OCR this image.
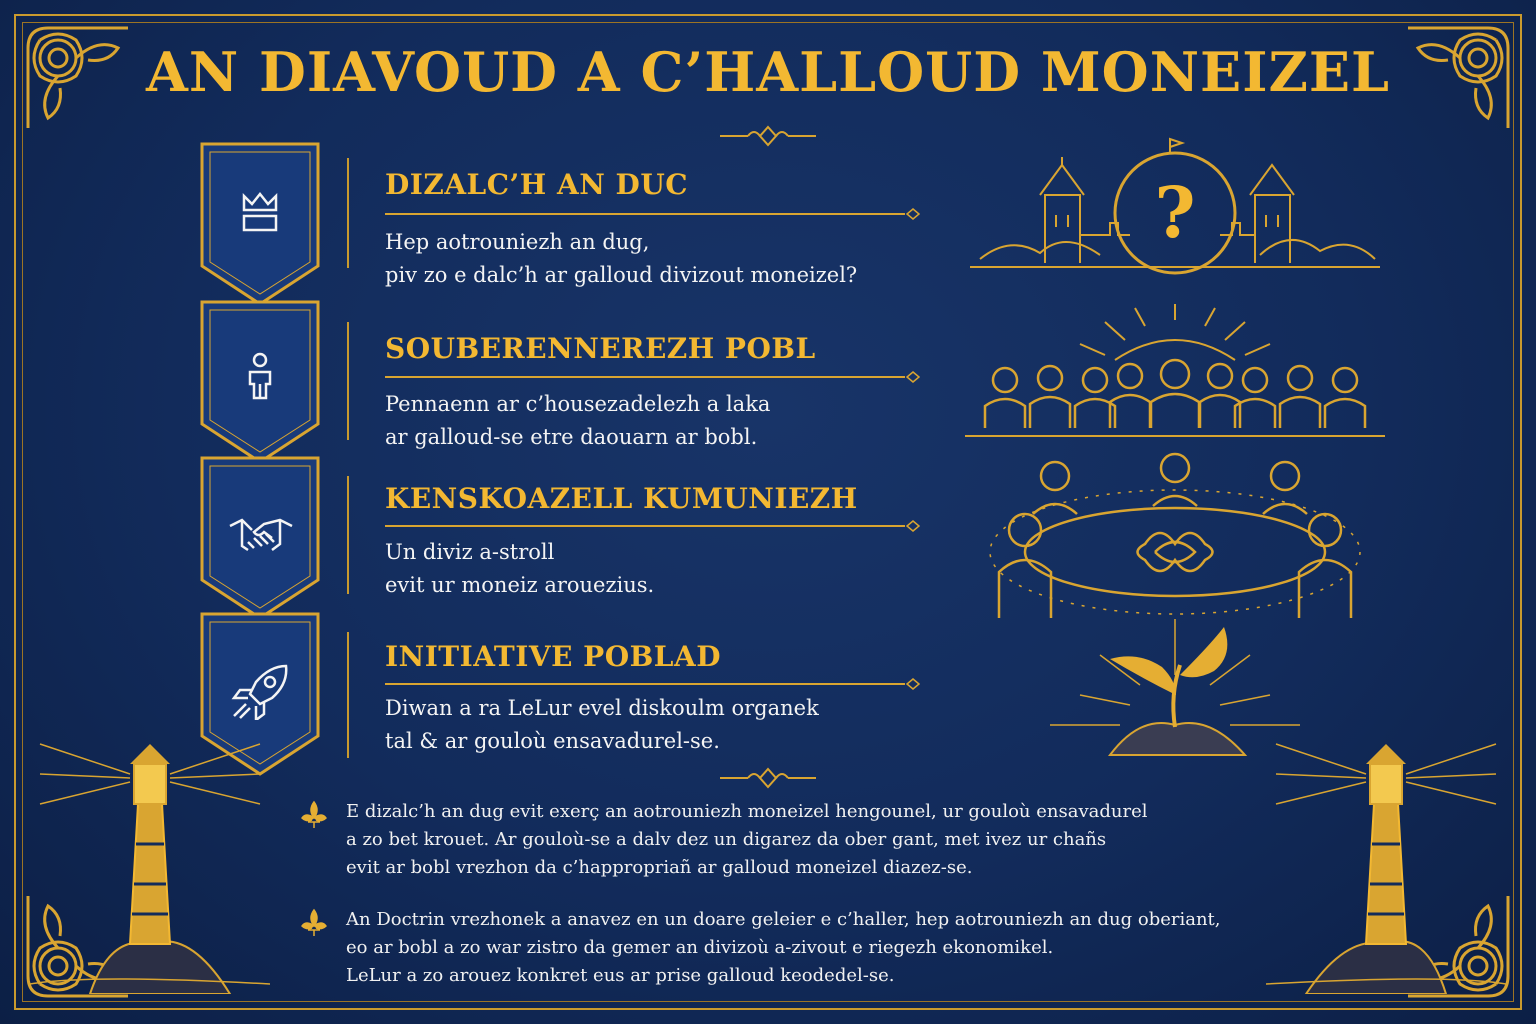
AN DIAVOUD A C’HALLOUD MONEIZEL
DIZALC’H AN DUC
Hep aotrouniezh an dug,
piv zo e dalc’h ar galloud divizout moneizel?
SOUBERENNEREZH POBL
Pennaenn ar c’housezadelezh a laka
ar galloud-se etre daouarn ar bobl.
KENSKOAZELL KUMUNIEZH
Un diviz a-stroll
evit ur moneiz arouezius.
INITIATIVE POBLAD
Diwan a ra LeLur evel diskoulm organek
tal & ar gouloù ensavadurel-se.
?
E dizalc’h an dug evit exerç an aotrouniezh moneizel hengounel, ur gouloù ensavadurel
a zo bet krouet. Ar gouloù-se a dalv dez un digarez da ober gant, met ivez ur chañs
evit ar bobl vrezhon da c’happropriañ ar galloud moneizel diazez-se.
An Doctrin vrezhonek a anavez en un doare geleier e c’haller, hep aotrouniezh an dug oberiant,
eo ar bobl a zo war zistro da gemer an divizoù a-zivout e riegezh ekonomikel.
LeLur a zo arouez konkret eus ar prise galloud keodedel-se.
